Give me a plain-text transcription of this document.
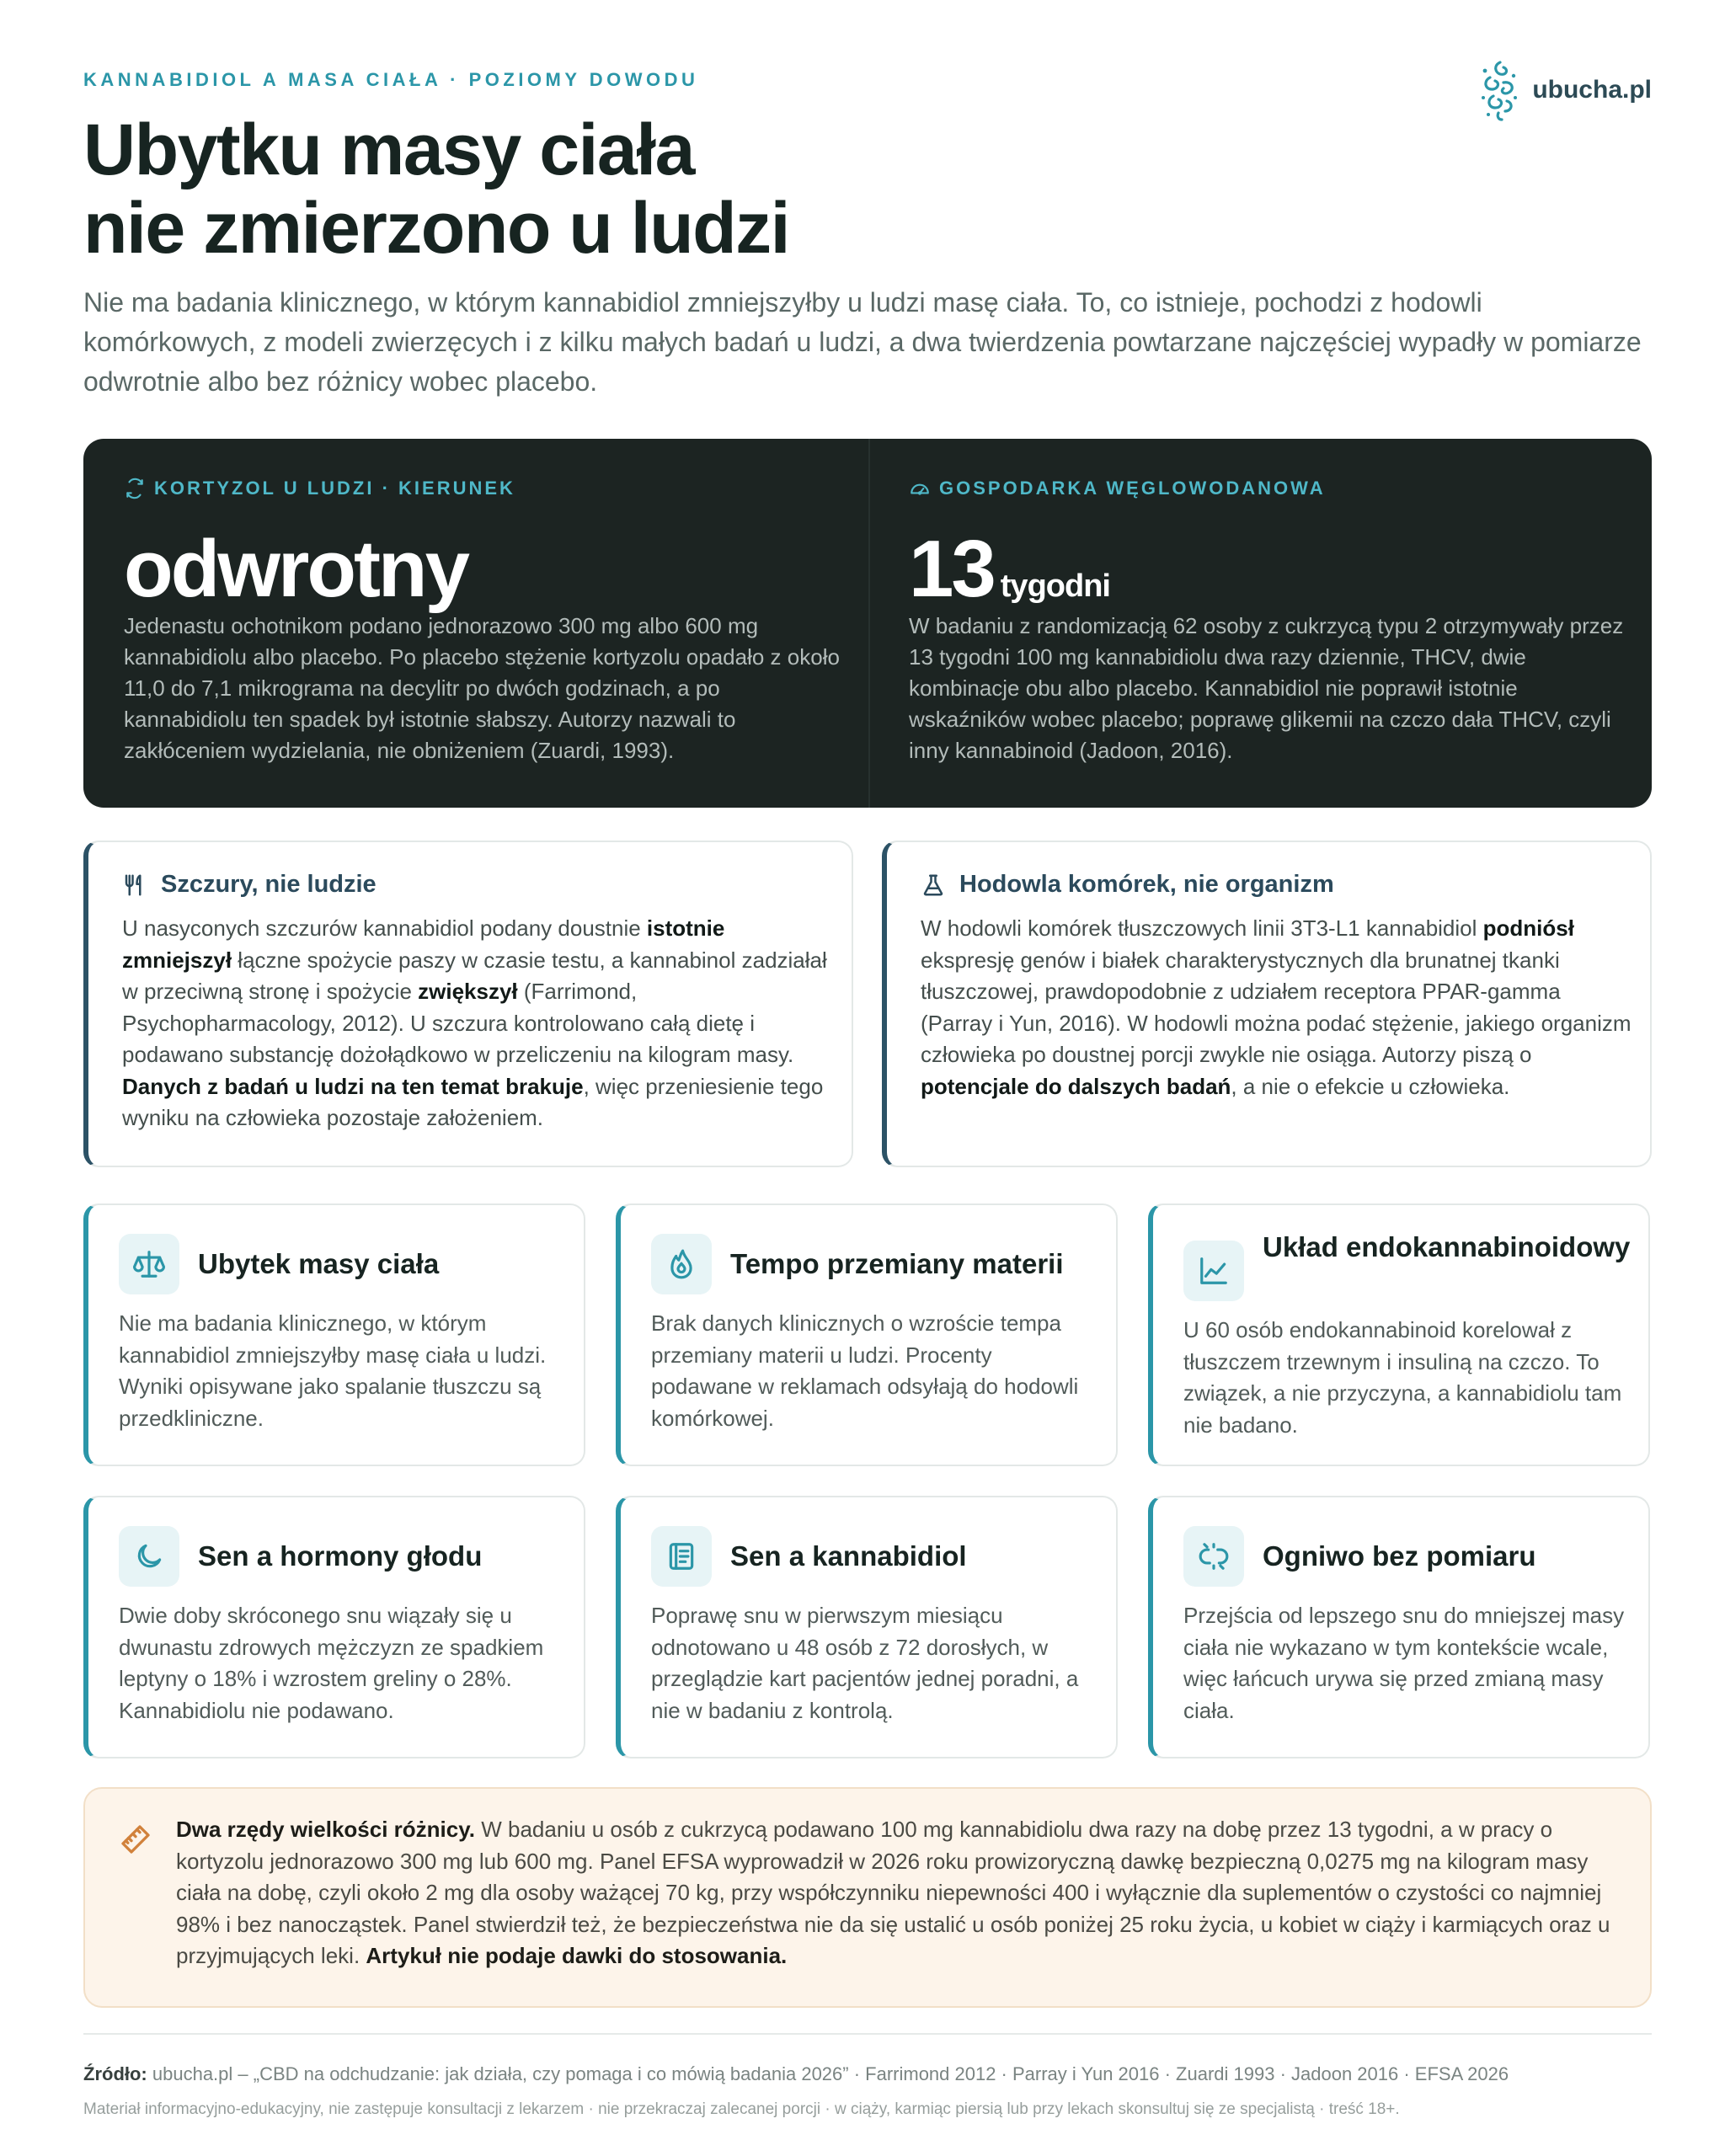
KANNABIDIOL A MASA CIAŁA · POZIOMY DOWODU	ubucha.pl
Ubytku masy ciała
nie zmierzono u ludzi

Nie ma badania klinicznego, w którym kannabidiol zmniejszyłby u ludzi masę ciała. To, co istnieje, pochodzi z hodowli komórkowych, z modeli zwierzęcych i z kilku małych badań u ludzi, a dwa twierdzenia powtarzane najczęściej wypadły w pomiarze odwrotnie albo bez różnicy wobec placebo.

KORTYZOL U LUDZI · KIERUNEK
odwrotny

Jedenastu ochotnikom podano jednorazowo 300 mg albo 600 mg kannabidiolu albo placebo. Po placebo stężenie kortyzolu opadało z około 11,0 do 7,1 mikrograma na decylitr po dwóch godzinach, a po kannabidiolu ten spadek był istotnie słabszy. Autorzy nazwali to zakłóceniem wydzielania, nie obniżeniem (Zuardi, 1993).

GOSPODARKA WĘGLOWODANOWA
13 tygodni

W badaniu z randomizacją 62 osoby z cukrzycą typu 2 otrzymywały przez 13 tygodni 100 mg kannabidiolu dwa razy dziennie, THCV, dwie kombinacje obu albo placebo. Kannabidiol nie poprawił istotnie wskaźników wobec placebo; poprawę glikemii na czczo dała THCV, czyli inny kannabinoid (Jadoon, 2016).

Szczury, nie ludzie

U nasyconych szczurów kannabidiol podany doustnie istotnie zmniejszył łączne spożycie paszy w czasie testu, a kannabinol zadziałał w przeciwną stronę i spożycie zwiększył (Farrimond, Psychopharmacology, 2012). U szczura kontrolowano całą dietę i podawano substancję dożołądkowo w przeliczeniu na kilogram masy. Danych z badań u ludzi na ten temat brakuje, więc przeniesienie tego wyniku na człowieka pozostaje założeniem.

Hodowla komórek, nie organizm

W hodowli komórek tłuszczowych linii 3T3-L1 kannabidiol podniósł ekspresję genów i białek charakterystycznych dla brunatnej tkanki tłuszczowej, prawdopodobnie z udziałem receptora PPAR-gamma (Parray i Yun, 2016). W hodowli można podać stężenie, jakiego organizm człowieka po doustnej porcji zwykle nie osiąga. Autorzy piszą o potencjale do dalszych badań, a nie o efekcie u człowieka.

Ubytek masy ciała

Nie ma badania klinicznego, w którym kannabidiol zmniejszyłby masę ciała u ludzi. Wyniki opisywane jako spalanie tłuszczu są przedkliniczne.

Tempo przemiany materii

Brak danych klinicznych o wzroście tempa przemiany materii u ludzi. Procenty podawane w reklamach odsyłają do hodowli komórkowej.

Układ endokannabinoidowy

U 60 osób endokannabinoid korelował z tłuszczem trzewnym i insuliną na czczo. To związek, a nie przyczyna, a kannabidiolu tam nie badano.

Sen a hormony głodu

Dwie doby skróconego snu wiązały się u dwunastu zdrowych mężczyzn ze spadkiem leptyny o 18% i wzrostem greliny o 28%. Kannabidiolu nie podawano.

Sen a kannabidiol

Poprawę snu w pierwszym miesiącu odnotowano u 48 osób z 72 dorosłych, w przeglądzie kart pacjentów jednej poradni, a nie w badaniu z kontrolą.

Ogniwo bez pomiaru

Przejścia od lepszego snu do mniejszej masy ciała nie wykazano w tym kontekście wcale, więc łańcuch urywa się przed zmianą masy ciała.

Dwa rzędy wielkości różnicy. W badaniu u osób z cukrzycą podawano 100 mg kannabidiolu dwa razy na dobę przez 13 tygodni, a w pracy o kortyzolu jednorazowo 300 mg lub 600 mg. Panel EFSA wyprowadził w 2026 roku prowizoryczną dawkę bezpieczną 0,0275 mg na kilogram masy ciała na dobę, czyli około 2 mg dla osoby ważącej 70 kg, przy współczynniku niepewności 400 i wyłącznie dla suplementów o czystości co najmniej 98% i bez nanocząstek. Panel stwierdził też, że bezpieczeństwa nie da się ustalić u osób poniżej 25 roku życia, u kobiet w ciąży i karmiących oraz u przyjmujących leki. Artykuł nie podaje dawki do stosowania.

Źródło: ubucha.pl – „CBD na odchudzanie: jak działa, czy pomaga i co mówią badania 2026” · Farrimond 2012 · Parray i Yun 2016 · Zuardi 1993 · Jadoon 2016 · EFSA 2026

Materiał informacyjno-edukacyjny, nie zastępuje konsultacji z lekarzem · nie przekraczaj zalecanej porcji · w ciąży, karmiąc piersią lub przy lekach skonsultuj się ze specjalistą · treść 18+.
